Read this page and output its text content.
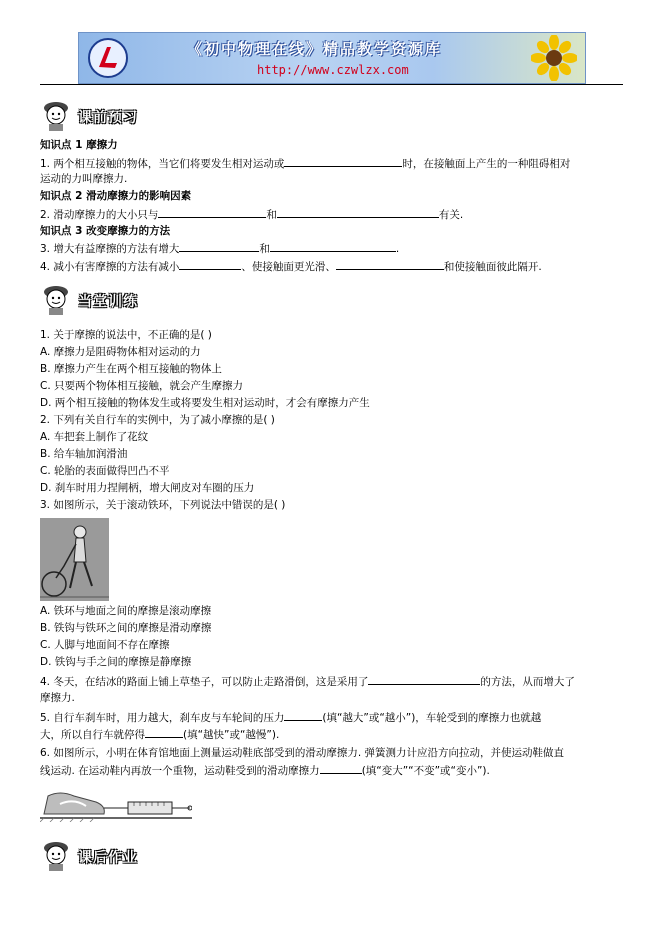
《初中物理在线》精品教学资源库
http://www.czwlzx.com
课前预习
知识点 1 摩擦力
1. 两个相互接触的物体，当它们将要发生相对运动或	时，在接触面上产生的一种阻碍相对
运动的力叫摩擦力.
知识点 2 滑动摩擦力的影响因素
2. 滑动摩擦力的大小只与	和	有关.
知识点 3 改变摩擦力的方法
3. 增大有益摩擦的方法有增大	和	.
4. 减小有害摩擦的方法有减小	、使接触面更光滑、	和使接触面彼此隔开.
当堂训练
1. 关于摩擦的说法中，不正确的是( )
A. 摩擦力是阻碍物体相对运动的力
B. 摩擦力产生在两个相互接触的物体上
C. 只要两个物体相互接触，就会产生摩擦力
D. 两个相互接触的物体发生或将要发生相对运动时，才会有摩擦力产生
2. 下列有关自行车的实例中，为了减小摩擦的是( )
A. 车把套上制作了花纹
B. 给车轴加润滑油
C. 轮胎的表面做得凹凸不平
D. 刹车时用力捏闸柄，增大闸皮对车圈的压力
3. 如图所示，关于滚动铁环，下列说法中错误的是( )
A. 铁环与地面之间的摩擦是滚动摩擦
B. 铁钩与铁环之间的摩擦是滑动摩擦
C. 人脚与地面间不存在摩擦
D. 铁钩与手之间的摩擦是静摩擦
4. 冬天，在结冰的路面上铺上草垫子，可以防止走路滑倒，这是采用了	的方法，从而增大了
摩擦力.
5. 自行车刹车时，用力越大，刹车皮与车轮间的压力	(填“越大”或“越小”)，车轮受到的摩擦力也就越
大，所以自行车就停得	(填“越快”或“越慢”).
6. 如图所示，小明在体育馆地面上测量运动鞋底部受到的滑动摩擦力. 弹簧测力计应沿方向拉动，并使运动鞋做直
线运动. 在运动鞋内再放一个重物，运动鞋受到的滑动摩擦力	(填“变大”“不变”或“变小”).
课后作业
